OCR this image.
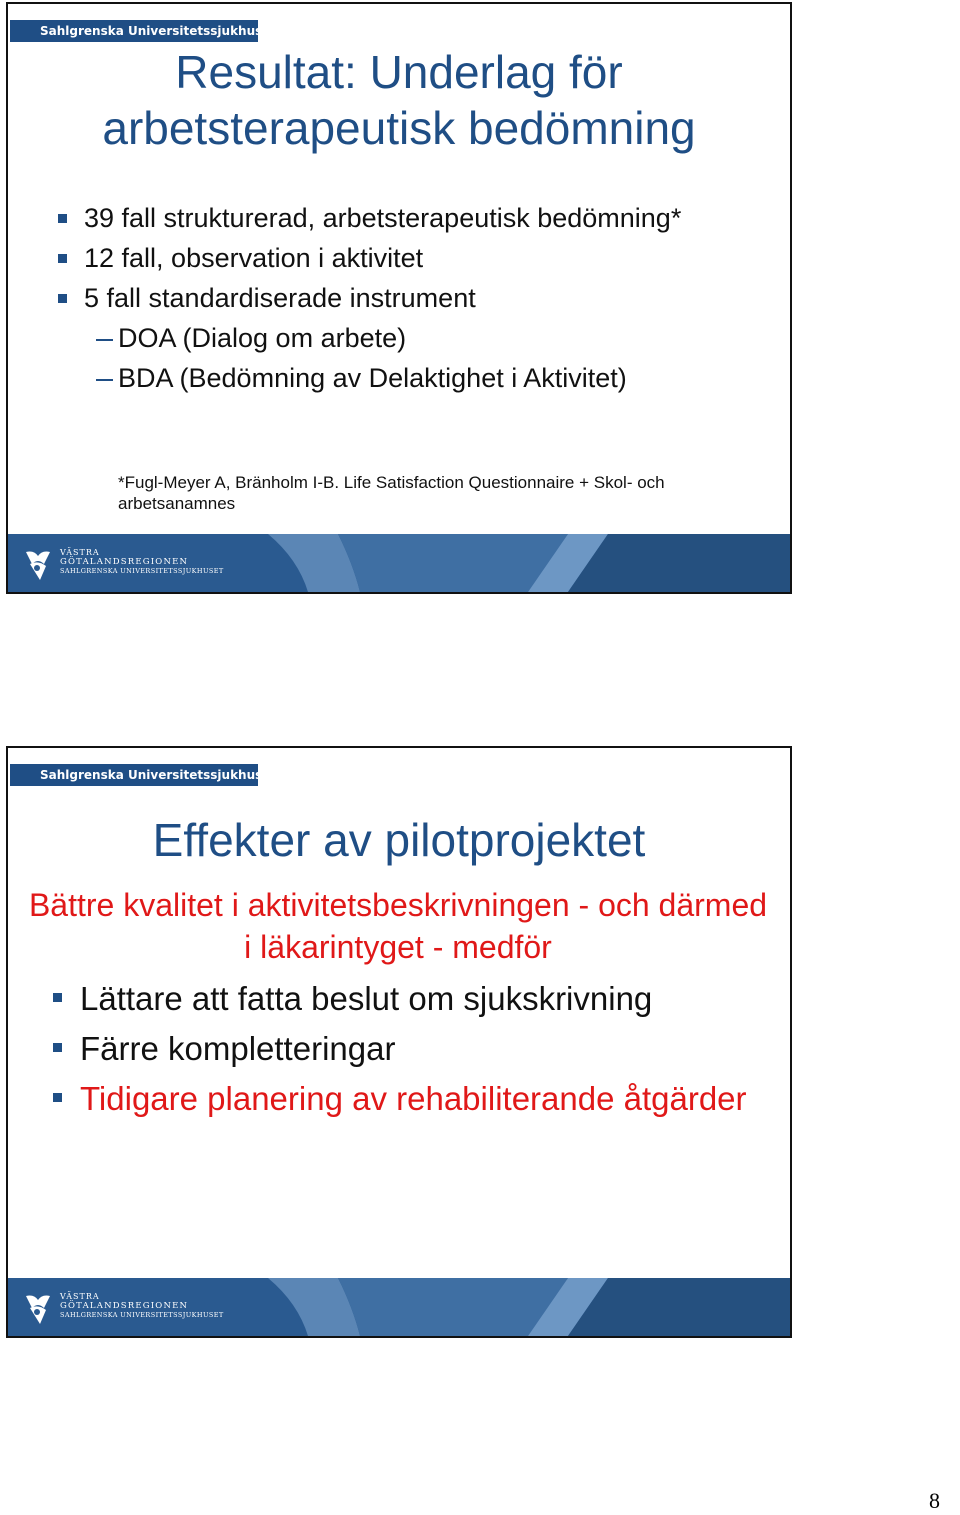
Sahlgrenska Universitetssjukhuset
Resultat: Underlag för
arbetsterapeutisk bedömning
39 fall strukturerad, arbetsterapeutisk bedömning*
12 fall, observation i aktivitet
5 fall standardiserade instrument
DOA (Dialog om arbete)
BDA (Bedömning av Delaktighet i Aktivitet)
*Fugl-Meyer A, Bränholm I-B. Life Satisfaction Questionnaire + Skol- och arbetsanamnes
VÄSTRA
GÖTALANDSREGIONEN
SAHLGRENSKA UNIVERSITETSSJUKHUSET
Sahlgrenska Universitetssjukhuset
Effekter av pilotprojektet
Bättre kvalitet i aktivitetsbeskrivningen - och därmed i läkarintyget - medför
Lättare att fatta beslut om sjukskrivning
Färre kompletteringar
Tidigare planering av rehabiliterande åtgärder
VÄSTRA
GÖTALANDSREGIONEN
SAHLGRENSKA UNIVERSITETSSJUKHUSET
8
